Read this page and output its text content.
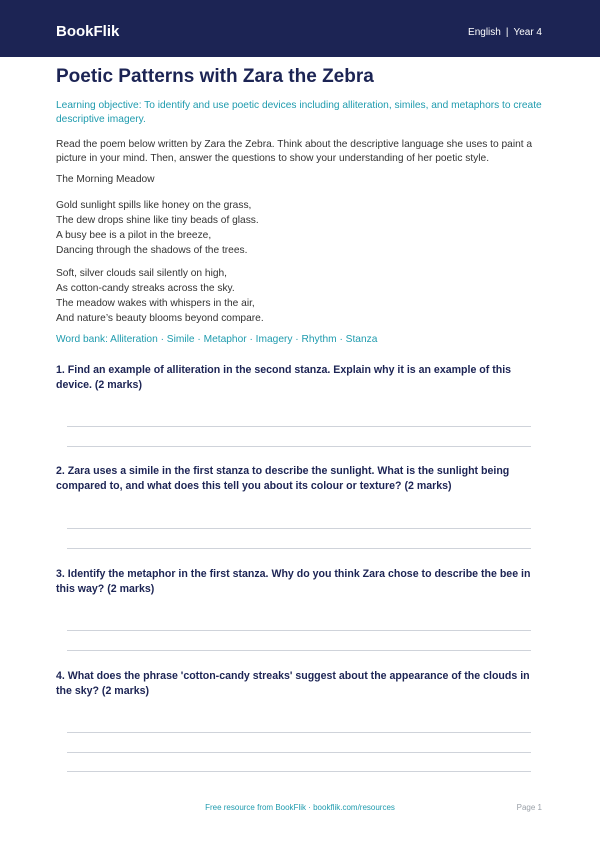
BookFlik	English | Year 4
Poetic Patterns with Zara the Zebra
Learning objective: To identify and use poetic devices including alliteration, similes, and metaphors to create descriptive imagery.
Read the poem below written by Zara the Zebra. Think about the descriptive language she uses to paint a picture in your mind. Then, answer the questions to show your understanding of her poetic style.
The Morning Meadow
Gold sunlight spills like honey on the grass,
The dew drops shine like tiny beads of glass.
A busy bee is a pilot in the breeze,
Dancing through the shadows of the trees.
Soft, silver clouds sail silently on high,
As cotton-candy streaks across the sky.
The meadow wakes with whispers in the air,
And nature’s beauty blooms beyond compare.
Word bank: Alliteration · Simile · Metaphor · Imagery · Rhythm · Stanza
1. Find an example of alliteration in the second stanza. Explain why it is an example of this device. (2 marks)
2. Zara uses a simile in the first stanza to describe the sunlight. What is the sunlight being compared to, and what does this tell you about its colour or texture? (2 marks)
3. Identify the metaphor in the first stanza. Why do you think Zara chose to describe the bee in this way? (2 marks)
4. What does the phrase 'cotton-candy streaks' suggest about the appearance of the clouds in the sky? (2 marks)
Free resource from BookFlik · bookflik.com/resources	Page 1
